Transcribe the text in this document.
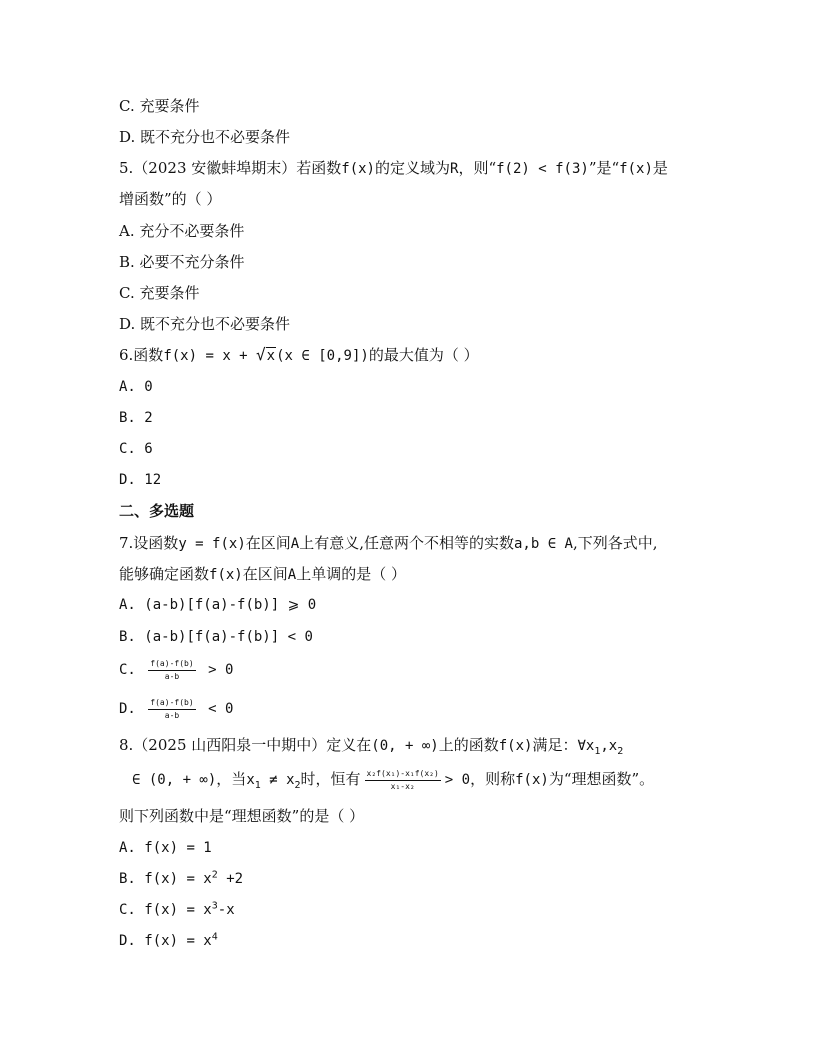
C. 充要条件
D. 既不充分也不必要条件
5.（2023 安徽蚌埠期末）若函数f(x)的定义域为R，则“f(2) < f(3)”是“f(x)是
增函数”的（ ）
A. 充分不必要条件
B. 必要不充分条件
C. 充要条件
D. 既不充分也不必要条件
6.函数f(x) = x + √x(x ∈ [0,9])的最大值为（ ）
A. 0
B. 2
C. 6
D. 12
二、多选题
7.设函数y = f(x)在区间A上有意义,任意两个不相等的实数a,b ∈ A,下列各式中,
能够确定函数f(x)在区间A上单调的是（ ）
A. (a-b)[f(a)-f(b)] ⩾ 0
B. (a-b)[f(a)-f(b)] < 0
C. $\frac{f(a)-f(b)}{a-b} > 0$
D. $\frac{f(a)-f(b)}{a-b} < 0$
8.（2025 山西阳泉一中期中）定义在(0, + ∞)上的函数f(x)满足：$\forall x_1,x_2$
∈ (0, + ∞)，当$x_1 \ne x_2$时，恒有 $\frac{\text{x₂f(x₁)-x₁f(x₂)}}{\text{x₁-x₂}} > 0$，则称f(x)为“理想函数”。
则下列函数中是“理想函数”的是（ ）
A. f(x) = 1
B. $f(x) = x^2 +2$
C. $f(x) = x^3-x$
D. $f(x) = x^4$
